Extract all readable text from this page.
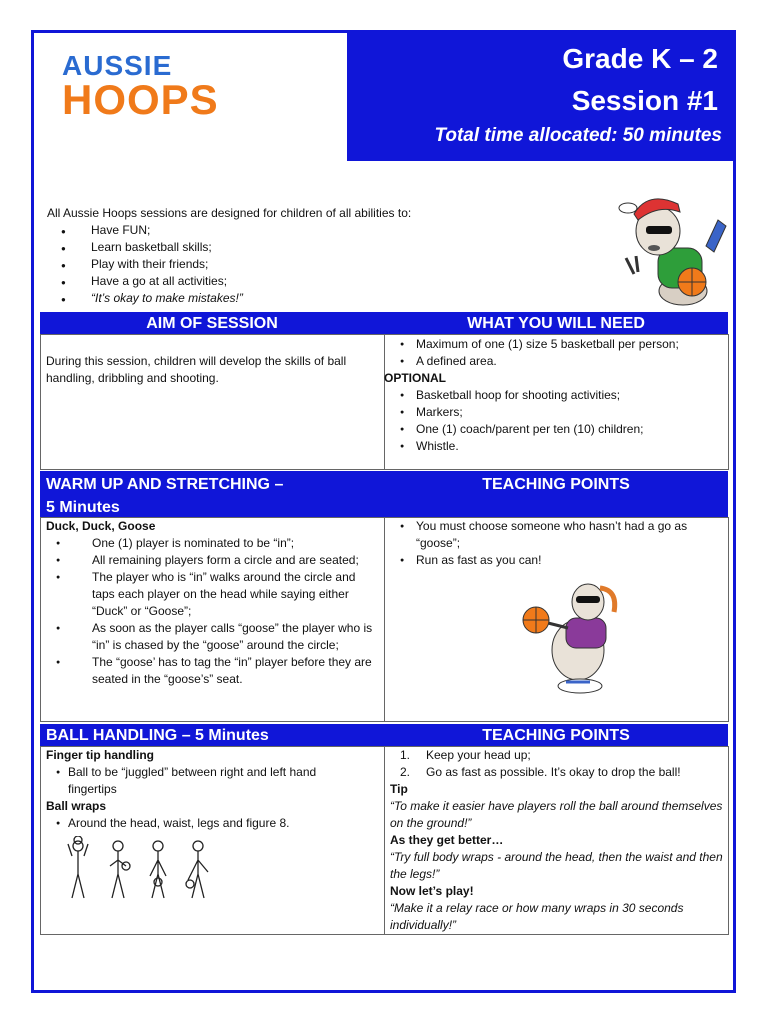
AUSSIE
HOOPS
Grade K – 2
Session #1
Total time allocated: 50 minutes
All Aussie Hoops sessions are designed for children of all abilities to:
● Have FUN;
● Learn basketball skills;
● Play with their friends;
● Have a go at all activities;
● “It’s okay to make mistakes!”
AIM OF SESSION	WHAT YOU WILL NEED
During this session, children will develop the skills of ball handling, dribbling and shooting.
● Maximum of one (1) size 5 basketball per person;
● A defined area.
OPTIONAL
● Basketball hoop for shooting activities;
● Markers;
● One (1) coach/parent per ten (10) children;
● Whistle.
WARM UP AND STRETCHING –
5 Minutes
TEACHING POINTS
Duck, Duck, Goose
● One (1) player is nominated to be “in”;
● All remaining players form a circle and are seated;
● The player who is “in” walks around the circle and taps each player on the head while saying either “Duck” or “Goose”;
● As soon as the player calls “goose” the player who is “in” is chased by the “goose” around the circle;
● The “goose’ has to tag the “in” player before they are seated in the “goose’s” seat.
● You must choose someone who hasn’t had a go as “goose”;
● Run as fast as you can!
BALL HANDLING – 5 Minutes	TEACHING POINTS
Finger tip handling
● Ball to be “juggled” between right and left hand fingertips
Ball wraps
● Around the head, waist, legs and figure 8.
1. Keep your head up;
2. Go as fast as possible. It’s okay to drop the ball!
Tip
“To make it easier have players roll the ball around themselves on the ground!”
As they get better…
“Try full body wraps - around the head, then the waist and then the legs!”
Now let’s play!
“Make it a relay race or how many wraps in 30 seconds individually!”
